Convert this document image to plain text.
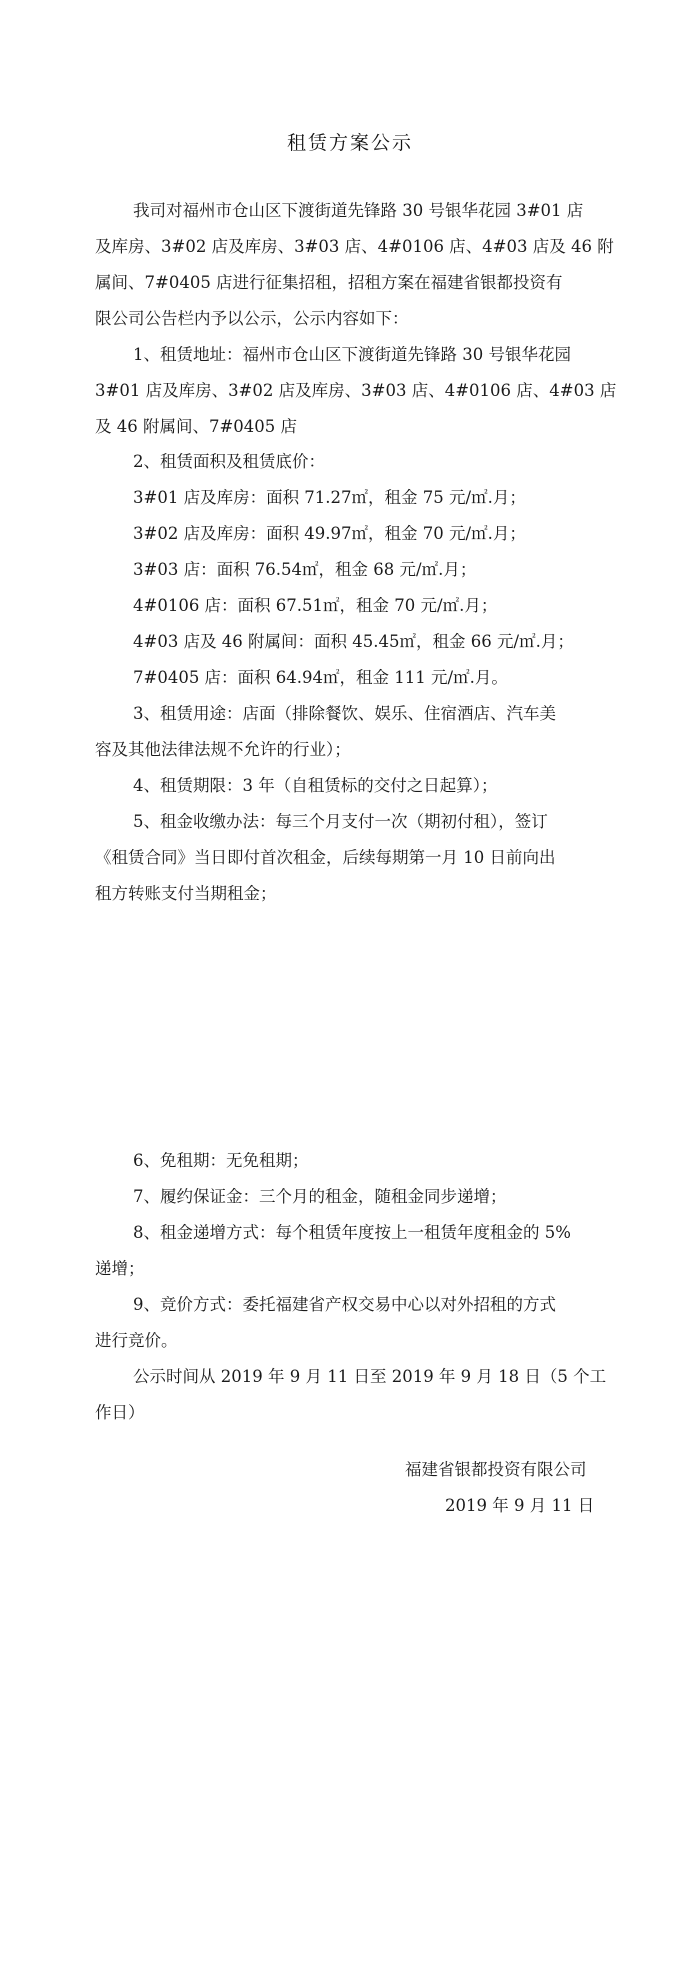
租赁方案公示
我司对福州市仓山区下渡街道先锋路 30 号银华花园 3#01 店
及库房、3#02 店及库房、3#03 店、4#0106 店、4#03 店及 46 附
属间、7#0405 店进行征集招租，招租方案在福建省银都投资有
限公司公告栏内予以公示，公示内容如下：
1、租赁地址：福州市仓山区下渡街道先锋路 30 号银华花园
3#01 店及库房、3#02 店及库房、3#03 店、4#0106 店、4#03 店
及 46 附属间、7#0405 店
2、租赁面积及租赁底价：
3#01 店及库房：面积 71.27㎡，租金 75 元/㎡.月；
3#02 店及库房：面积 49.97㎡，租金 70 元/㎡.月；
3#03 店：面积 76.54㎡，租金 68 元/㎡.月；
4#0106 店：面积 67.51㎡，租金 70 元/㎡.月；
4#03 店及 46 附属间：面积 45.45㎡，租金 66 元/㎡.月；
7#0405 店：面积 64.94㎡，租金 111 元/㎡.月。
3、租赁用途：店面（排除餐饮、娱乐、住宿酒店、汽车美
容及其他法律法规不允许的行业）；
4、租赁期限：3 年（自租赁标的交付之日起算）；
5、租金收缴办法：每三个月支付一次（期初付租），签订
《租赁合同》当日即付首次租金，后续每期第一月 10 日前向出
租方转账支付当期租金；
6、免租期：无免租期；
7、履约保证金：三个月的租金，随租金同步递增；
8、租金递增方式：每个租赁年度按上一租赁年度租金的 5%
递增；
9、竞价方式：委托福建省产权交易中心以对外招租的方式
进行竞价。
公示时间从 2019 年 9 月 11 日至 2019 年 9 月 18 日（5 个工
作日）
福建省银都投资有限公司
2019 年 9 月 11 日
